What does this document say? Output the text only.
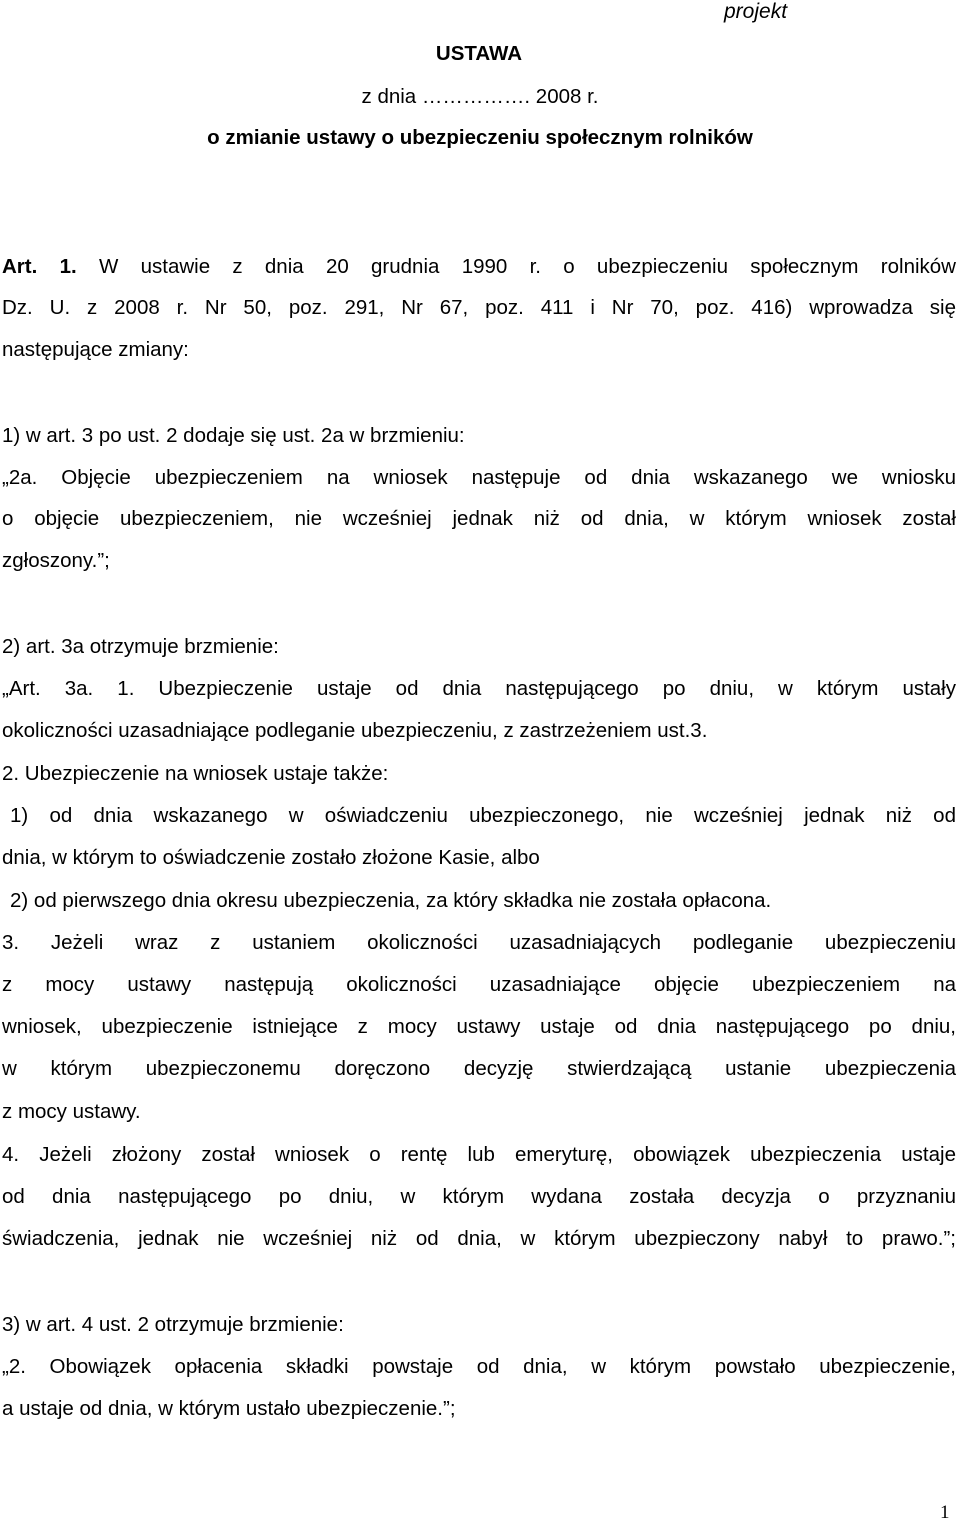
projekt
USTAWA
z dnia ……………. 2008 r.
o zmianie ustawy o ubezpieczeniu społecznym rolników
Art. 1. W ustawie z dnia 20 grudnia 1990 r. o ubezpieczeniu społecznym rolników
Dz. U. z 2008 r. Nr 50, poz. 291, Nr 67, poz. 411 i Nr 70, poz. 416) wprowadza się
następujące zmiany:
1) w art. 3 po ust. 2 dodaje się ust. 2a w brzmieniu:
„2a. Objęcie ubezpieczeniem na wniosek następuje od dnia wskazanego we wniosku
o objęcie ubezpieczeniem, nie wcześniej jednak niż od dnia, w którym wniosek został
zgłoszony.”;
2) art. 3a otrzymuje brzmienie:
„Art. 3a. 1. Ubezpieczenie ustaje od dnia następującego po dniu, w którym ustały
okoliczności uzasadniające podleganie ubezpieczeniu, z zastrzeżeniem ust.3.
2. Ubezpieczenie na wniosek ustaje także:
1) od dnia wskazanego w oświadczeniu ubezpieczonego, nie wcześniej jednak niż od
dnia, w którym to oświadczenie zostało złożone Kasie, albo
2) od pierwszego dnia okresu ubezpieczenia, za który składka nie została opłacona.
3. Jeżeli wraz z ustaniem okoliczności uzasadniających podleganie ubezpieczeniu
z mocy ustawy następują okoliczności uzasadniające objęcie ubezpieczeniem na
wniosek, ubezpieczenie istniejące z mocy ustawy ustaje od dnia następującego po dniu,
w którym ubezpieczonemu doręczono decyzję stwierdzającą ustanie ubezpieczenia
z mocy ustawy.
4. Jeżeli złożony został wniosek o rentę lub emeryturę, obowiązek ubezpieczenia ustaje
od dnia następującego po dniu, w którym wydana została decyzja o przyznaniu
świadczenia, jednak nie wcześniej niż od dnia, w którym ubezpieczony nabył to prawo.”;
3) w art. 4 ust. 2 otrzymuje brzmienie:
„2. Obowiązek opłacenia składki powstaje od dnia, w którym powstało ubezpieczenie,
a ustaje od dnia, w którym ustało ubezpieczenie.”;
1
